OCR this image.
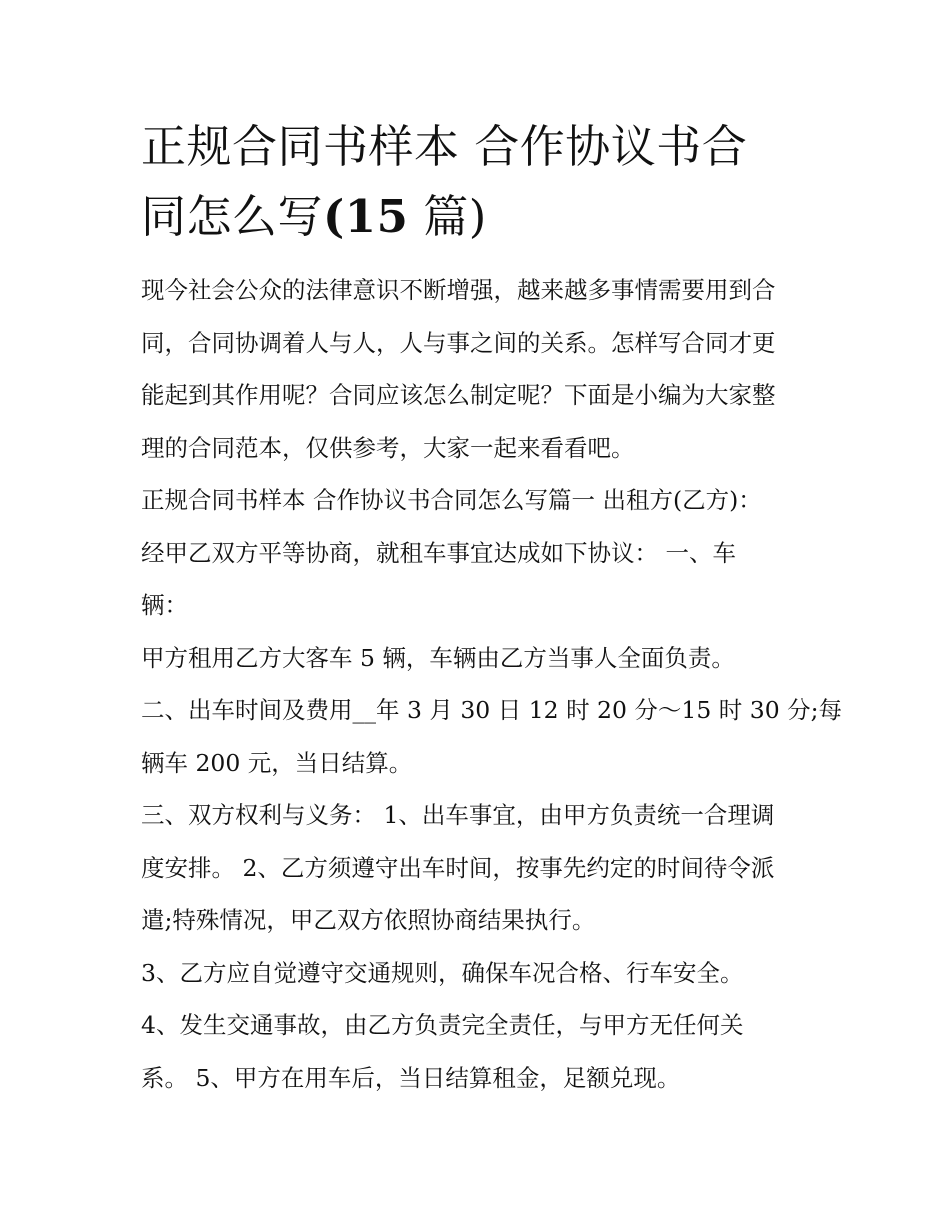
正规合同书样本 合作协议书合
同怎么写(15 篇)

现今社会公众的法律意识不断增强，越来越多事情需要用到合
同，合同协调着人与人，人与事之间的关系。怎样写合同才更
能起到其作用呢？合同应该怎么制定呢？下面是小编为大家整
理的合同范本，仅供参考，大家一起来看看吧。

正规合同书样本 合作协议书合同怎么写篇一 出租方(乙方)：
经甲乙双方平等协商，就租车事宜达成如下协议： 一、车
辆：

甲方租用乙方大客车 5 辆，车辆由乙方当事人全面负责。

二、出车时间及费用__年 3 月 30 日 12 时 20 分～15 时 30 分;每
辆车 200 元，当日结算。

三、双方权利与义务： 1、出车事宜，由甲方负责统一合理调
度安排。 2、乙方须遵守出车时间，按事先约定的时间待令派
遣;特殊情况，甲乙双方依照协商结果执行。

3、乙方应自觉遵守交通规则，确保车况合格、行车安全。

4、发生交通事故，由乙方负责完全责任，与甲方无任何关
系。 5、甲方在用车后，当日结算租金，足额兑现。
